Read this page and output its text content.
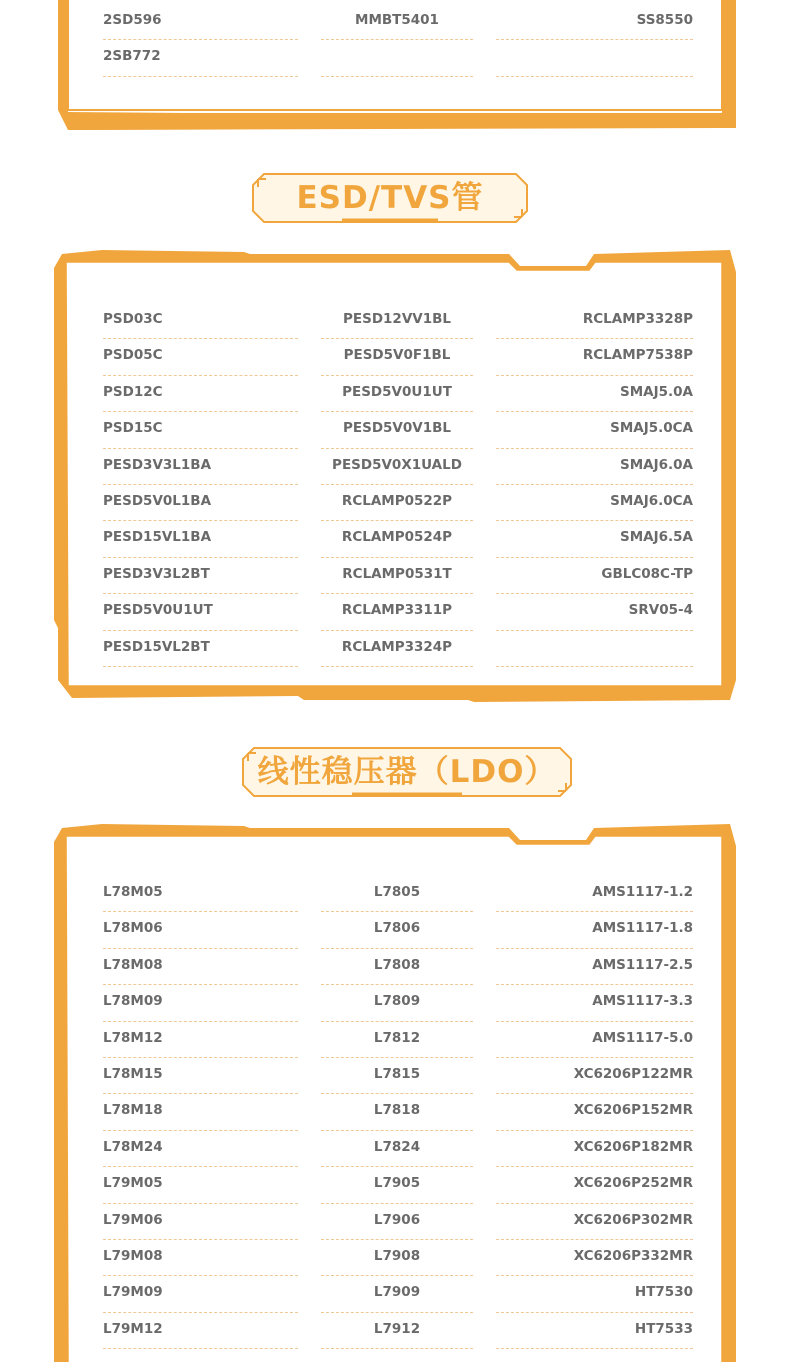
2SD596	MMBT5401	SS8550
2SB772
ESD/TVS管
PSD03C	PESD12VV1BL	RCLAMP3328P
PSD05C	PESD5V0F1BL	RCLAMP7538P
PSD12C	PESD5V0U1UT	SMAJ5.0A
PSD15C	PESD5V0V1BL	SMAJ5.0CA
PESD3V3L1BA	PESD5V0X1UALD	SMAJ6.0A
PESD5V0L1BA	RCLAMP0522P	SMAJ6.0CA
PESD15VL1BA	RCLAMP0524P	SMAJ6.5A
PESD3V3L2BT	RCLAMP0531T	GBLC08C-TP
PESD5V0U1UT	RCLAMP3311P	SRV05-4
PESD15VL2BT	RCLAMP3324P
线性稳压器（LDO）
L78M05	L7805	AMS1117-1.2
L78M06	L7806	AMS1117-1.8
L78M08	L7808	AMS1117-2.5
L78M09	L7809	AMS1117-3.3
L78M12	L7812	AMS1117-5.0
L78M15	L7815	XC6206P122MR
L78M18	L7818	XC6206P152MR
L78M24	L7824	XC6206P182MR
L79M05	L7905	XC6206P252MR
L79M06	L7906	XC6206P302MR
L79M08	L7908	XC6206P332MR
L79M09	L7909	HT7530
L79M12	L7912	HT7533
